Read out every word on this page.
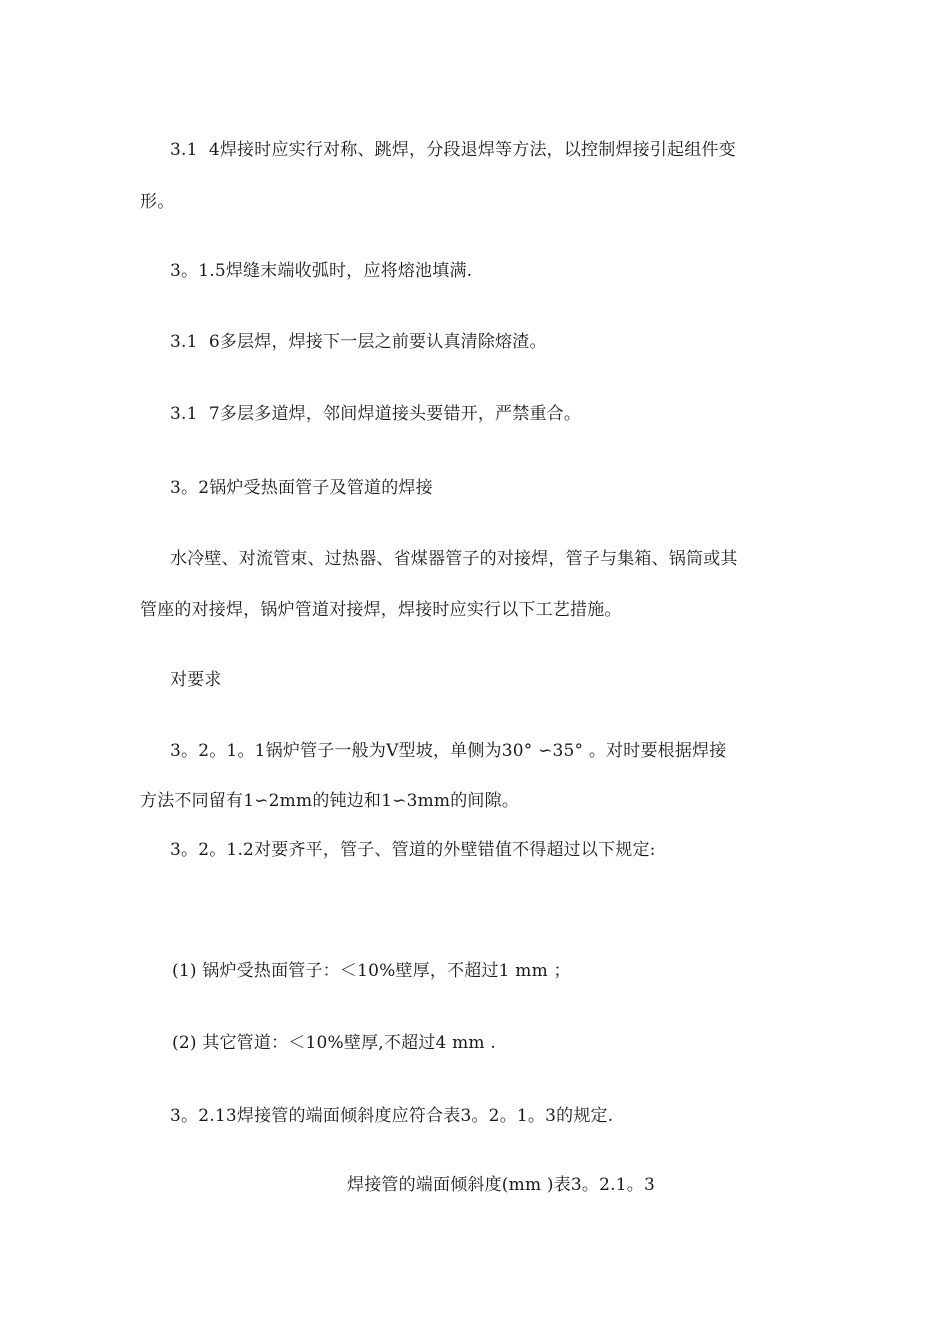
3.1  4焊接时应实行对称、跳焊，分段退焊等方法，以控制焊接引起组件变
形。
3。1.5焊缝末端收弧时，应将熔池填满.
3.1  6多层焊，焊接下一层之前要认真清除熔渣。
3.1  7多层多道焊，邻间焊道接头要错开，严禁重合。
3。2锅炉受热面管子及管道的焊接
水冷壁、对流管束、过热器、省煤器管子的对接焊，管子与集箱、锅筒或其
管座的对接焊，锅炉管道对接焊，焊接时应实行以下工艺措施。
对要求
3。2。1。1锅炉管子一般为V型坡，单侧为30° ∽35° 。对时要根据焊接
方法不同留有1∽2mm的钝边和1∽3mm的间隙。
3。2。1.2对要齐平，管子、管道的外壁错值不得超过以下规定:
(1) 锅炉受热面管子：＜10%壁厚，不超过1 mm ；
(2) 其它管道：＜10%壁厚,不超过4 mm .
3。2.13焊接管的端面倾斜度应符合表3。2。1。3的规定.
焊接管的端面倾斜度(mm )表3。2.1。3
